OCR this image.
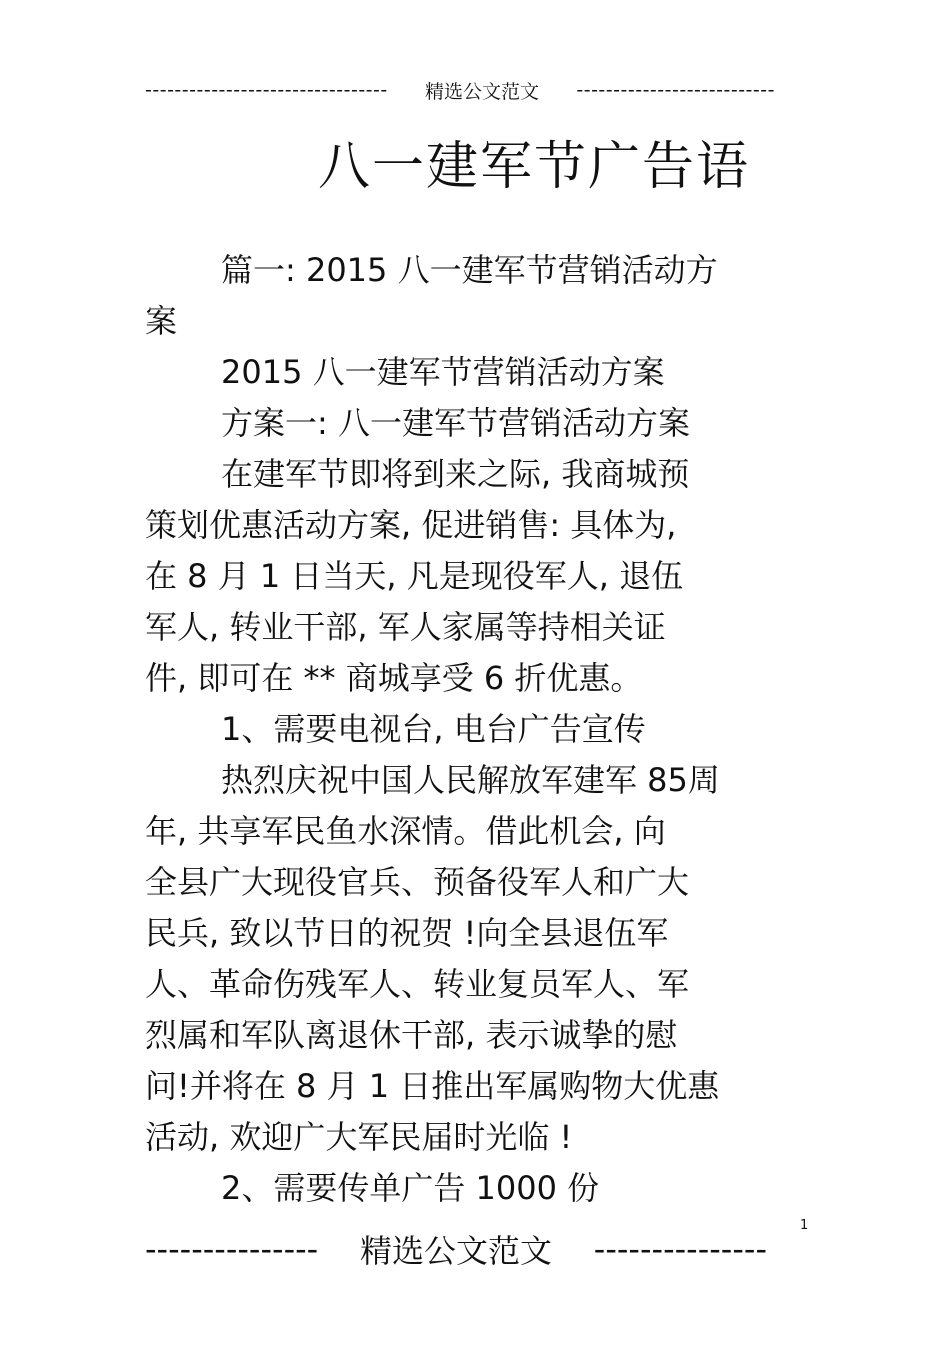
--------------------------------- 精选公文范文 ---------------------------
八一建军节广告语
篇一: 2015 八一建军节营销活动方
案
2015 八一建军节营销活动方案
方案一: 八一建军节营销活动方案
在建军节即将到来之际, 我商城预
策划优惠活动方案, 促进销售: 具体为,
在 8 月 1 日当天, 凡是现役军人, 退伍
军人, 转业干部, 军人家属等持相关证
件, 即可在 ** 商城享受 6 折优惠。
1、需要电视台, 电台广告宣传
热烈庆祝中国人民解放军建军 85周
年, 共享军民鱼水深情。借此机会, 向
全县广大现役官兵、预备役军人和广大
民兵, 致以节日的祝贺 !向全县退伍军
人、革命伤残军人、转业复员军人、军
烈属和军队离退休干部, 表示诚挚的慰
问!并将在 8 月 1 日推出军属购物大优惠
活动, 欢迎广大军民届时光临 !
2、需要传单广告 1000 份
1
--------------- 精选公文范文 ---------------
